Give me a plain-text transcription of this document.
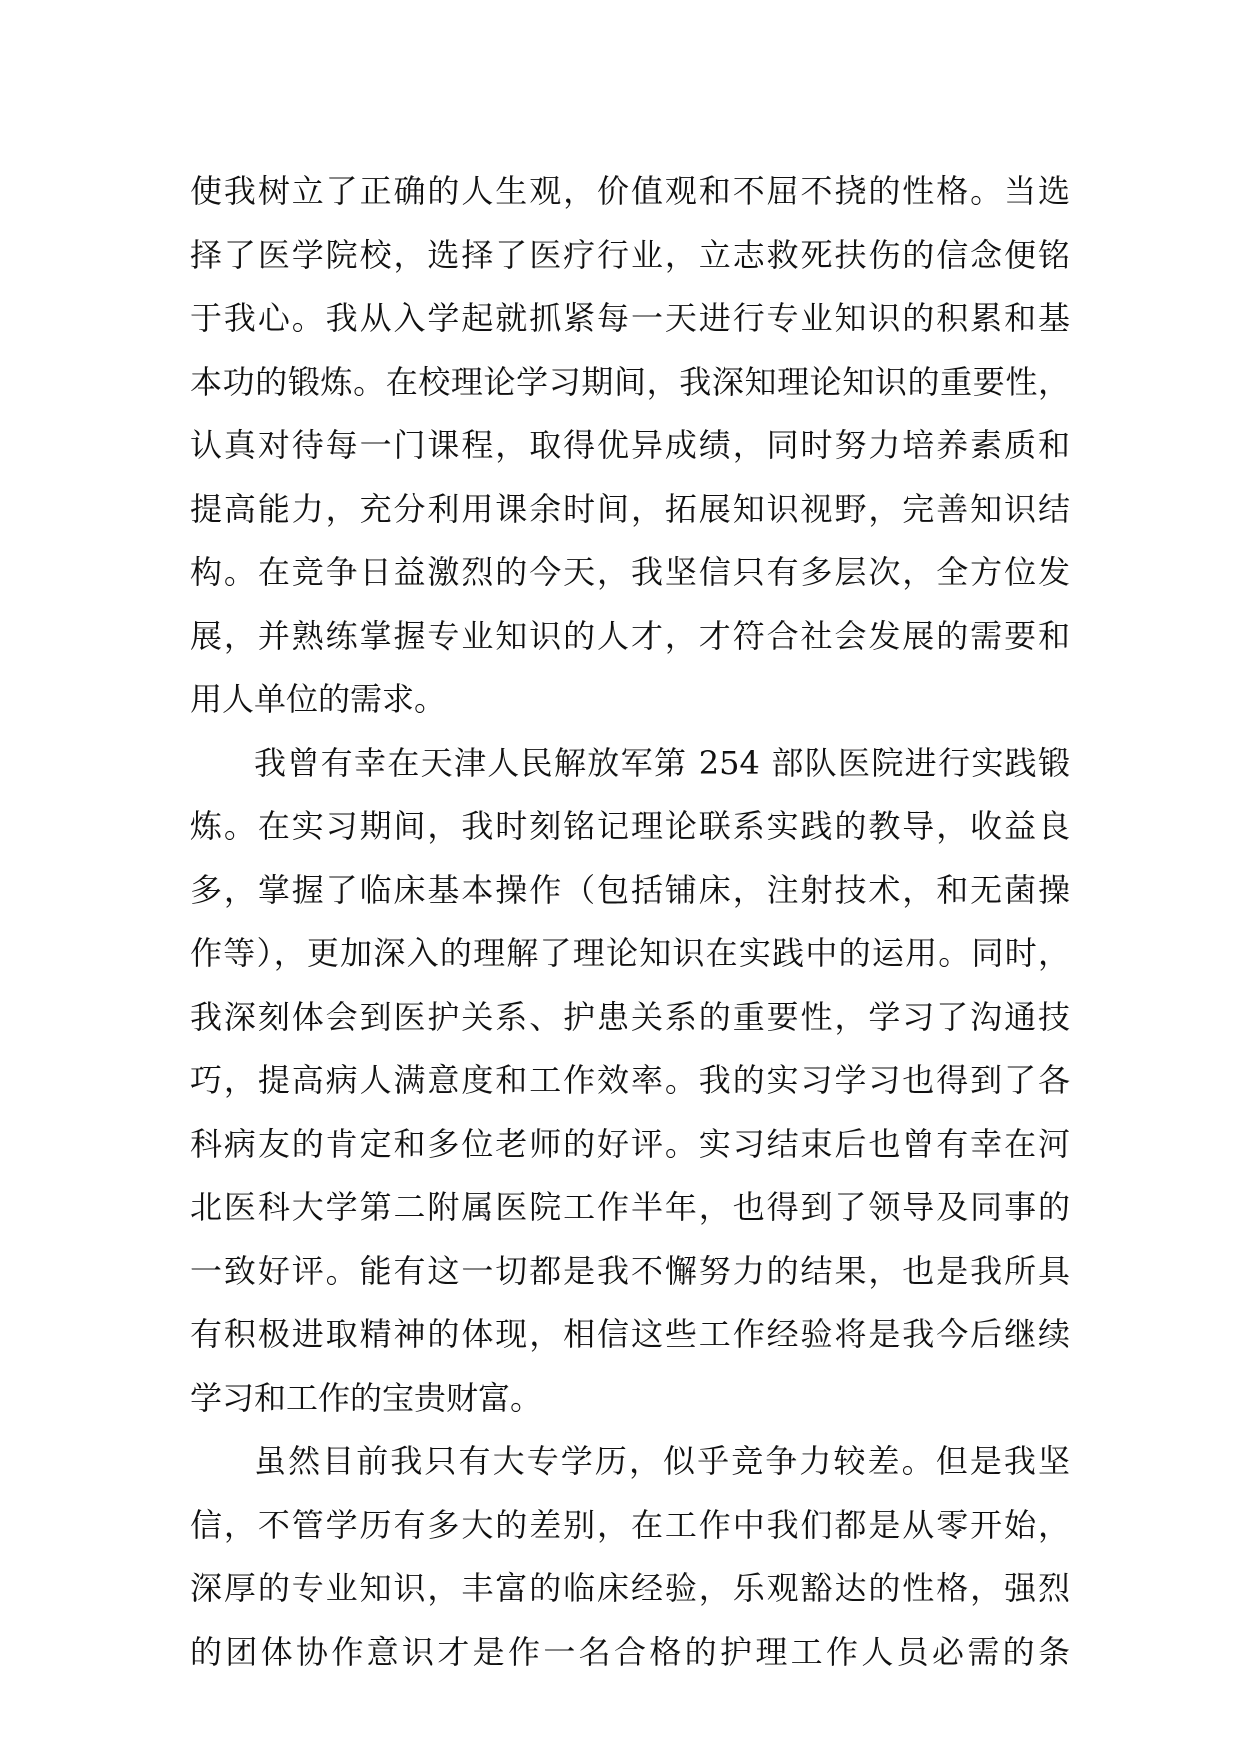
使我树立了正确的人生观，价值观和不屈不挠的性格。当选
择了医学院校，选择了医疗行业，立志救死扶伤的信念便铭
于我心。我从入学起就抓紧每一天进行专业知识的积累和基
本功的锻炼。在校理论学习期间，我深知理论知识的重要性，
认真对待每一门课程，取得优异成绩，同时努力培养素质和
提高能力，充分利用课余时间，拓展知识视野，完善知识结
构。在竞争日益激烈的今天，我坚信只有多层次，全方位发
展，并熟练掌握专业知识的人才，才符合社会发展的需要和
用人单位的需求。
我曾有幸在天津人民解放军第 254 部队医院进行实践锻
炼。在实习期间，我时刻铭记理论联系实践的教导，收益良
多，掌握了临床基本操作（包括铺床，注射技术，和无菌操
作等），更加深入的理解了理论知识在实践中的运用。同时，
我深刻体会到医护关系、护患关系的重要性，学习了沟通技
巧，提高病人满意度和工作效率。我的实习学习也得到了各
科病友的肯定和多位老师的好评。实习结束后也曾有幸在河
北医科大学第二附属医院工作半年，也得到了领导及同事的
一致好评。能有这一切都是我不懈努力的结果，也是我所具
有积极进取精神的体现，相信这些工作经验将是我今后继续
学习和工作的宝贵财富。
虽然目前我只有大专学历，似乎竞争力较差。但是我坚
信，不管学历有多大的差别，在工作中我们都是从零开始，
深厚的专业知识，丰富的临床经验，乐观豁达的性格，强烈
的团体协作意识才是作一名合格的护理工作人员必需的条
